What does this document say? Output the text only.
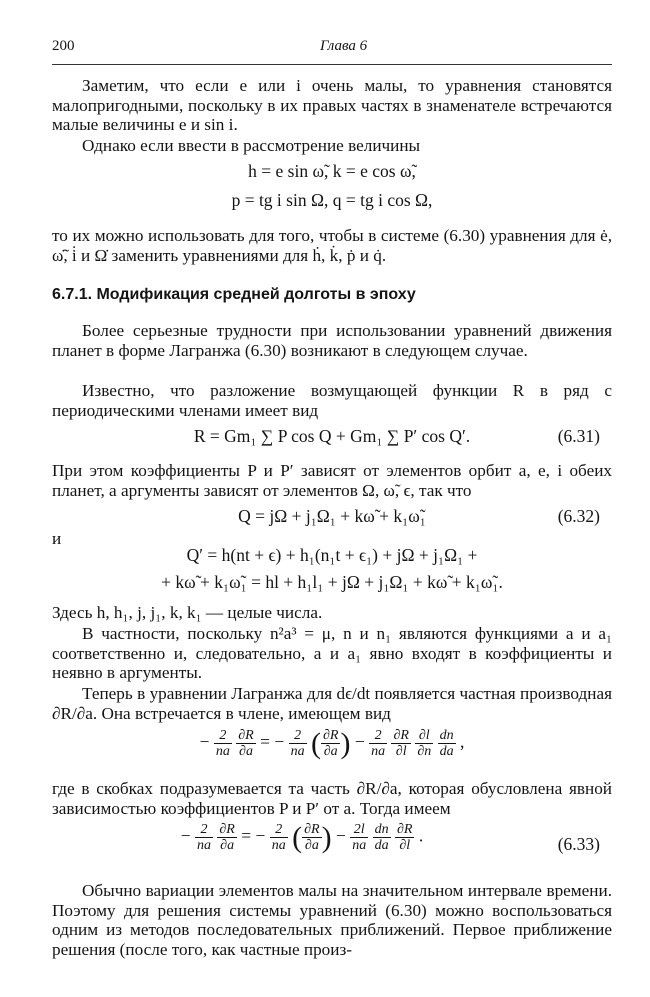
200	Глава 6

Заметим, что если e или i очень малы, то уравнения становятся малопригодными, поскольку в их правых частях в знаменателе встречаются малые величины e и sin i.

Однако если ввести в рассмотрение величины

h = e sin ω̃, k = e cos ω̃,
p = tg i sin Ω, q = tg i cos Ω,

то их можно использовать для того, чтобы в системе (6.30) уравнения для ė, ω̃̇, i̇ и Ω̇ заменить уравнениями для ḣ, k̇, ṗ и q̇.

6.7.1. Модификация средней долготы в эпоху

Более серьезные трудности при использовании уравнений движения планет в форме Лагранжа (6.30) возникают в следующем случае.

Известно, что разложение возмущающей функции R в ряд с периодическими членами имеет вид

R = Gm₁ ∑ P cos Q + Gm₁ ∑ P′ cos Q′.	(6.31)

При этом коэффициенты P и P′ зависят от элементов орбит a, e, i обеих планет, а аргументы зависят от элементов Ω, ω̃, ϵ, так что

Q = jΩ + j₁Ω₁ + kω̃ + k₁ω̃₁	(6.32)
и
Q′ = h(nt + ϵ) + h₁(n₁t + ϵ₁) + jΩ + j₁Ω₁ +
+ kω̃ + k₁ω̃₁ = hl + h₁l₁ + jΩ + j₁Ω₁ + kω̃ + k₁ω̃₁.

Здесь h, h₁, j, j₁, k, k₁ — целые числа.

В частности, поскольку n²a³ = μ, n и n₁ являются функциями a и a₁ соответственно и, следовательно, a и a₁ явно входят в коэффициенты и неявно в аргументы.

Теперь в уравнении Лагранжа для dϵ/dt появляется частная производная ∂R/∂a. Она встречается в члене, имеющем вид

− $\frac{2}{na}$
$\frac{\partial R}{\partial a}$ = − $\frac{2}{na}$ ( $\frac{\partial R}{\partial a}$ ) − $\frac{2}{na}$
$\frac{\partial R}{\partial l}$
$\frac{\partial l}{\partial n}$
$\frac{dn}{da}$ ,

где в скобках подразумевается та часть ∂R/∂a, которая обусловлена явной зависимостью коэффициентов P и P′ от a. Тогда имеем

− $\frac{2}{na}$
$\frac{\partial R}{\partial a}$ = − $\frac{2}{na}$ ( $\frac{\partial R}{\partial a}$ ) − $\frac{2l}{na}$
$\frac{dn}{da}$
$\frac{\partial R}{\partial l}$ .	(6.33)

Обычно вариации элементов малы на значительном интервале времени. Поэтому для решения системы уравнений (6.30) можно воспользоваться одним из методов последовательных приближений. Первое приближение решения (после того, как частные произ-
